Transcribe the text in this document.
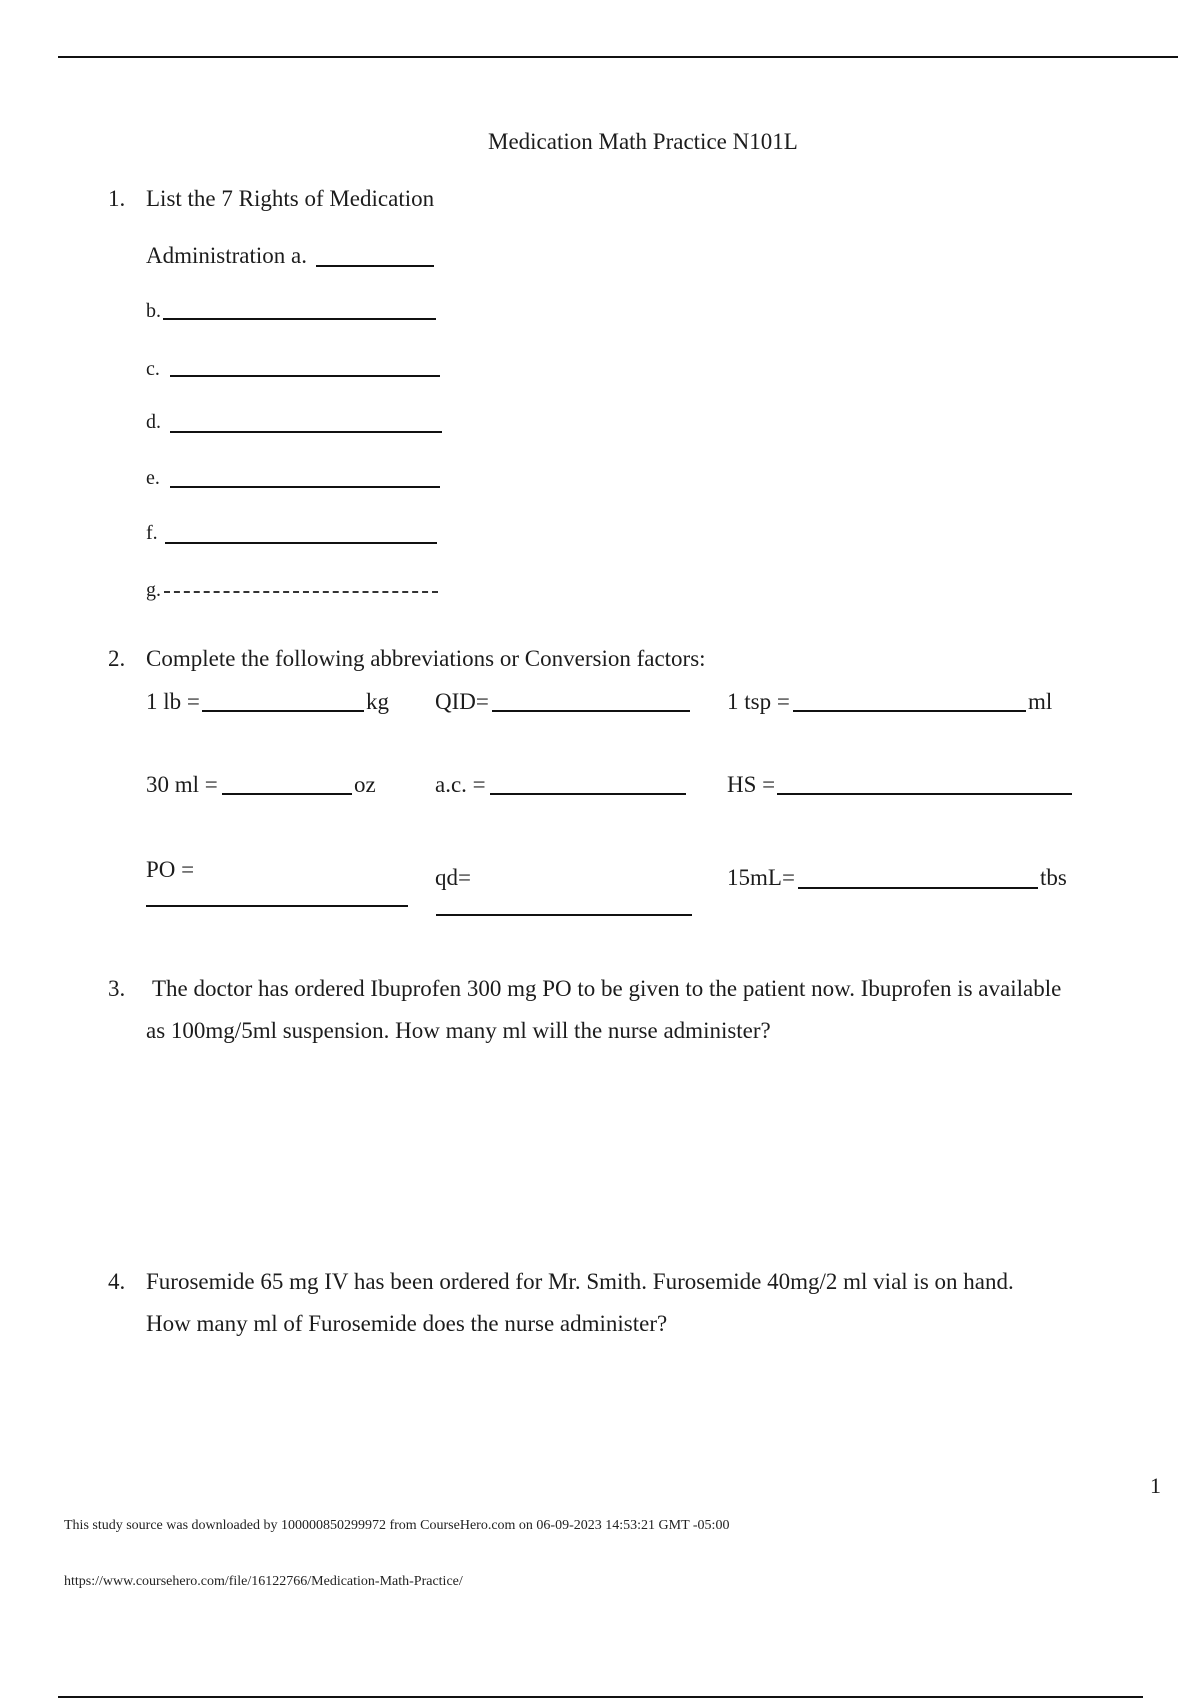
Medication Math Practice N101L
1. List the 7 Rights of Medication
Administration a.
b.
c.
d.
e.
f.
g.
2. Complete the following abbreviations or Conversion factors:
1 lb =	kg QID=	1 tsp =	ml
30 ml =	oz	a.c. =	HS =
PO =	qd=	15mL=	tbs
3. The doctor has ordered Ibuprofen 300 mg PO to be given to the patient now. Ibuprofen is available
as 100mg/5ml suspension. How many ml will the nurse administer?
4. Furosemide 65 mg IV has been ordered for Mr. Smith. Furosemide 40mg/2 ml vial is on hand.
How many ml of Furosemide does the nurse administer?
1
This study source was downloaded by 100000850299972 from CourseHero.com on 06-09-2023 14:53:21 GMT -05:00
https://www.coursehero.com/file/16122766/Medication-Math-Practice/
